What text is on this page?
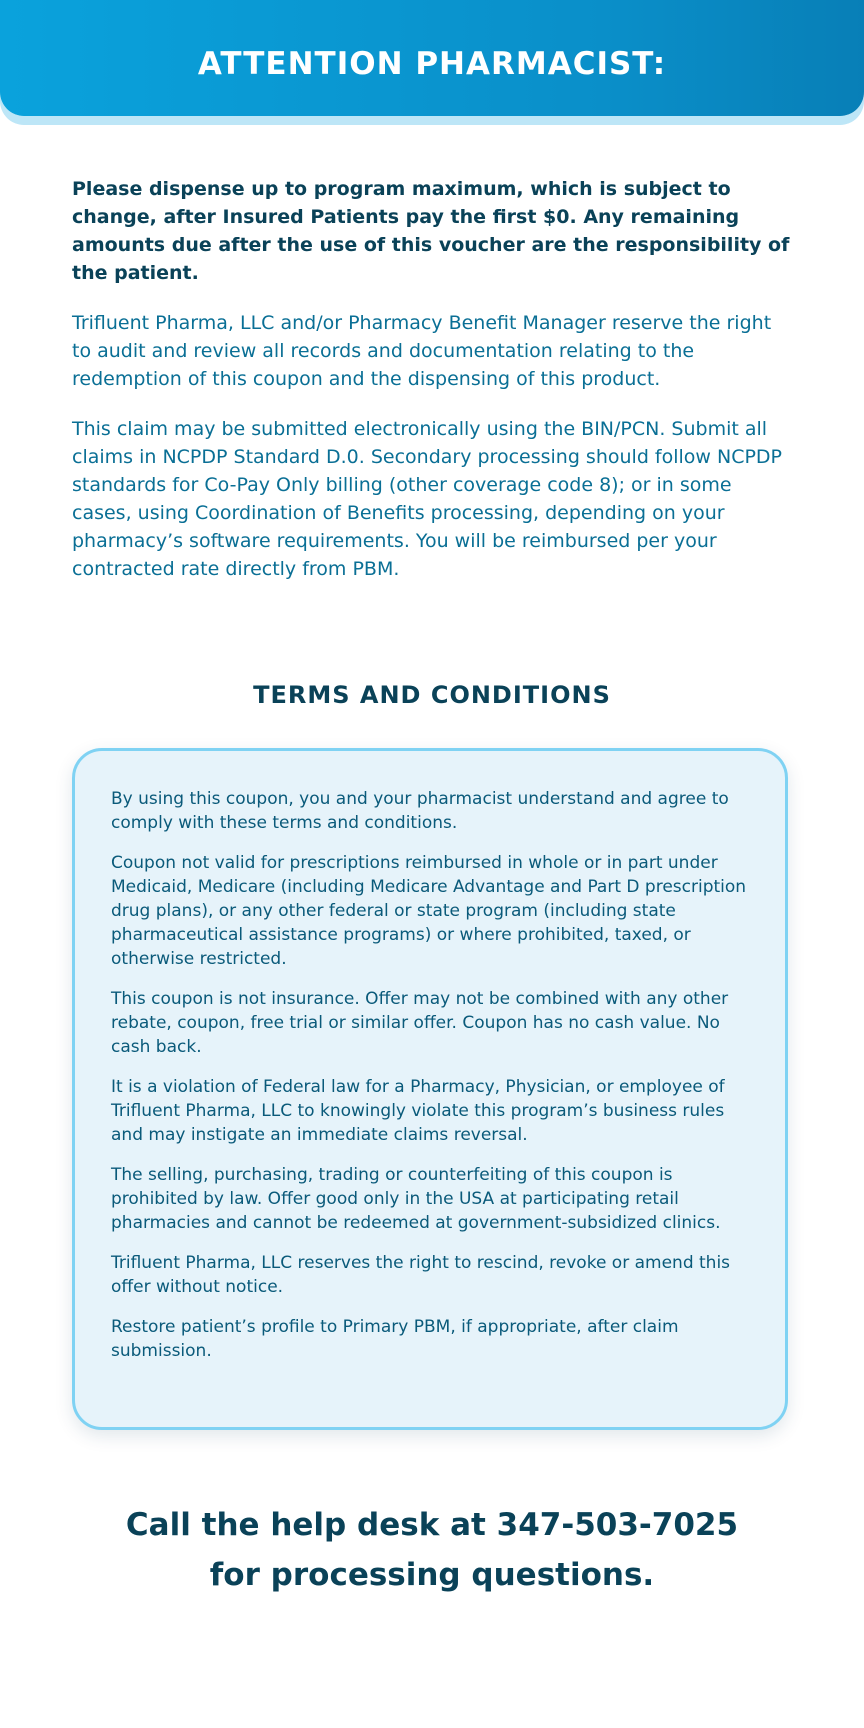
ATTENTION PHARMACIST:

Please dispense up to program maximum, which is subject to change, after Insured Patients pay the first $0. Any remaining amounts due after the use of this voucher are the responsibility of the patient.

Trifluent Pharma, LLC and/or Pharmacy Benefit Manager reserve the right to audit and review all records and documentation relating to the redemption of this coupon and the dispensing of this product.

This claim may be submitted electronically using the BIN/PCN. Submit all claims in NCPDP Standard D.0. Secondary processing should follow NCPDP standards for Co-Pay Only billing (other coverage code 8); or in some cases, using Coordination of Benefits processing, depending on your pharmacy’s software requirements. You will be reimbursed per your contracted rate directly from PBM.

TERMS AND CONDITIONS

By using this coupon, you and your pharmacist understand and agree to comply with these terms and conditions.

Coupon not valid for prescriptions reimbursed in whole or in part under Medicaid, Medicare (including Medicare Advantage and Part D prescription drug plans), or any other federal or state program (including state pharmaceutical assistance programs) or where prohibited, taxed, or otherwise restricted.

This coupon is not insurance. Offer may not be combined with any other rebate, coupon, free trial or similar offer. Coupon has no cash value. No cash back.

It is a violation of Federal law for a Pharmacy, Physician, or employee of Trifluent Pharma, LLC to knowingly violate this program’s business rules and may instigate an immediate claims reversal.

The selling, purchasing, trading or counterfeiting of this coupon is prohibited by law. Offer good only in the USA at participating retail pharmacies and cannot be redeemed at government-subsidized clinics.

Trifluent Pharma, LLC reserves the right to rescind, revoke or amend this offer without notice.

Restore patient’s profile to Primary PBM, if appropriate, after claim submission.

Call the help desk at 347-503-7025
for processing questions.
